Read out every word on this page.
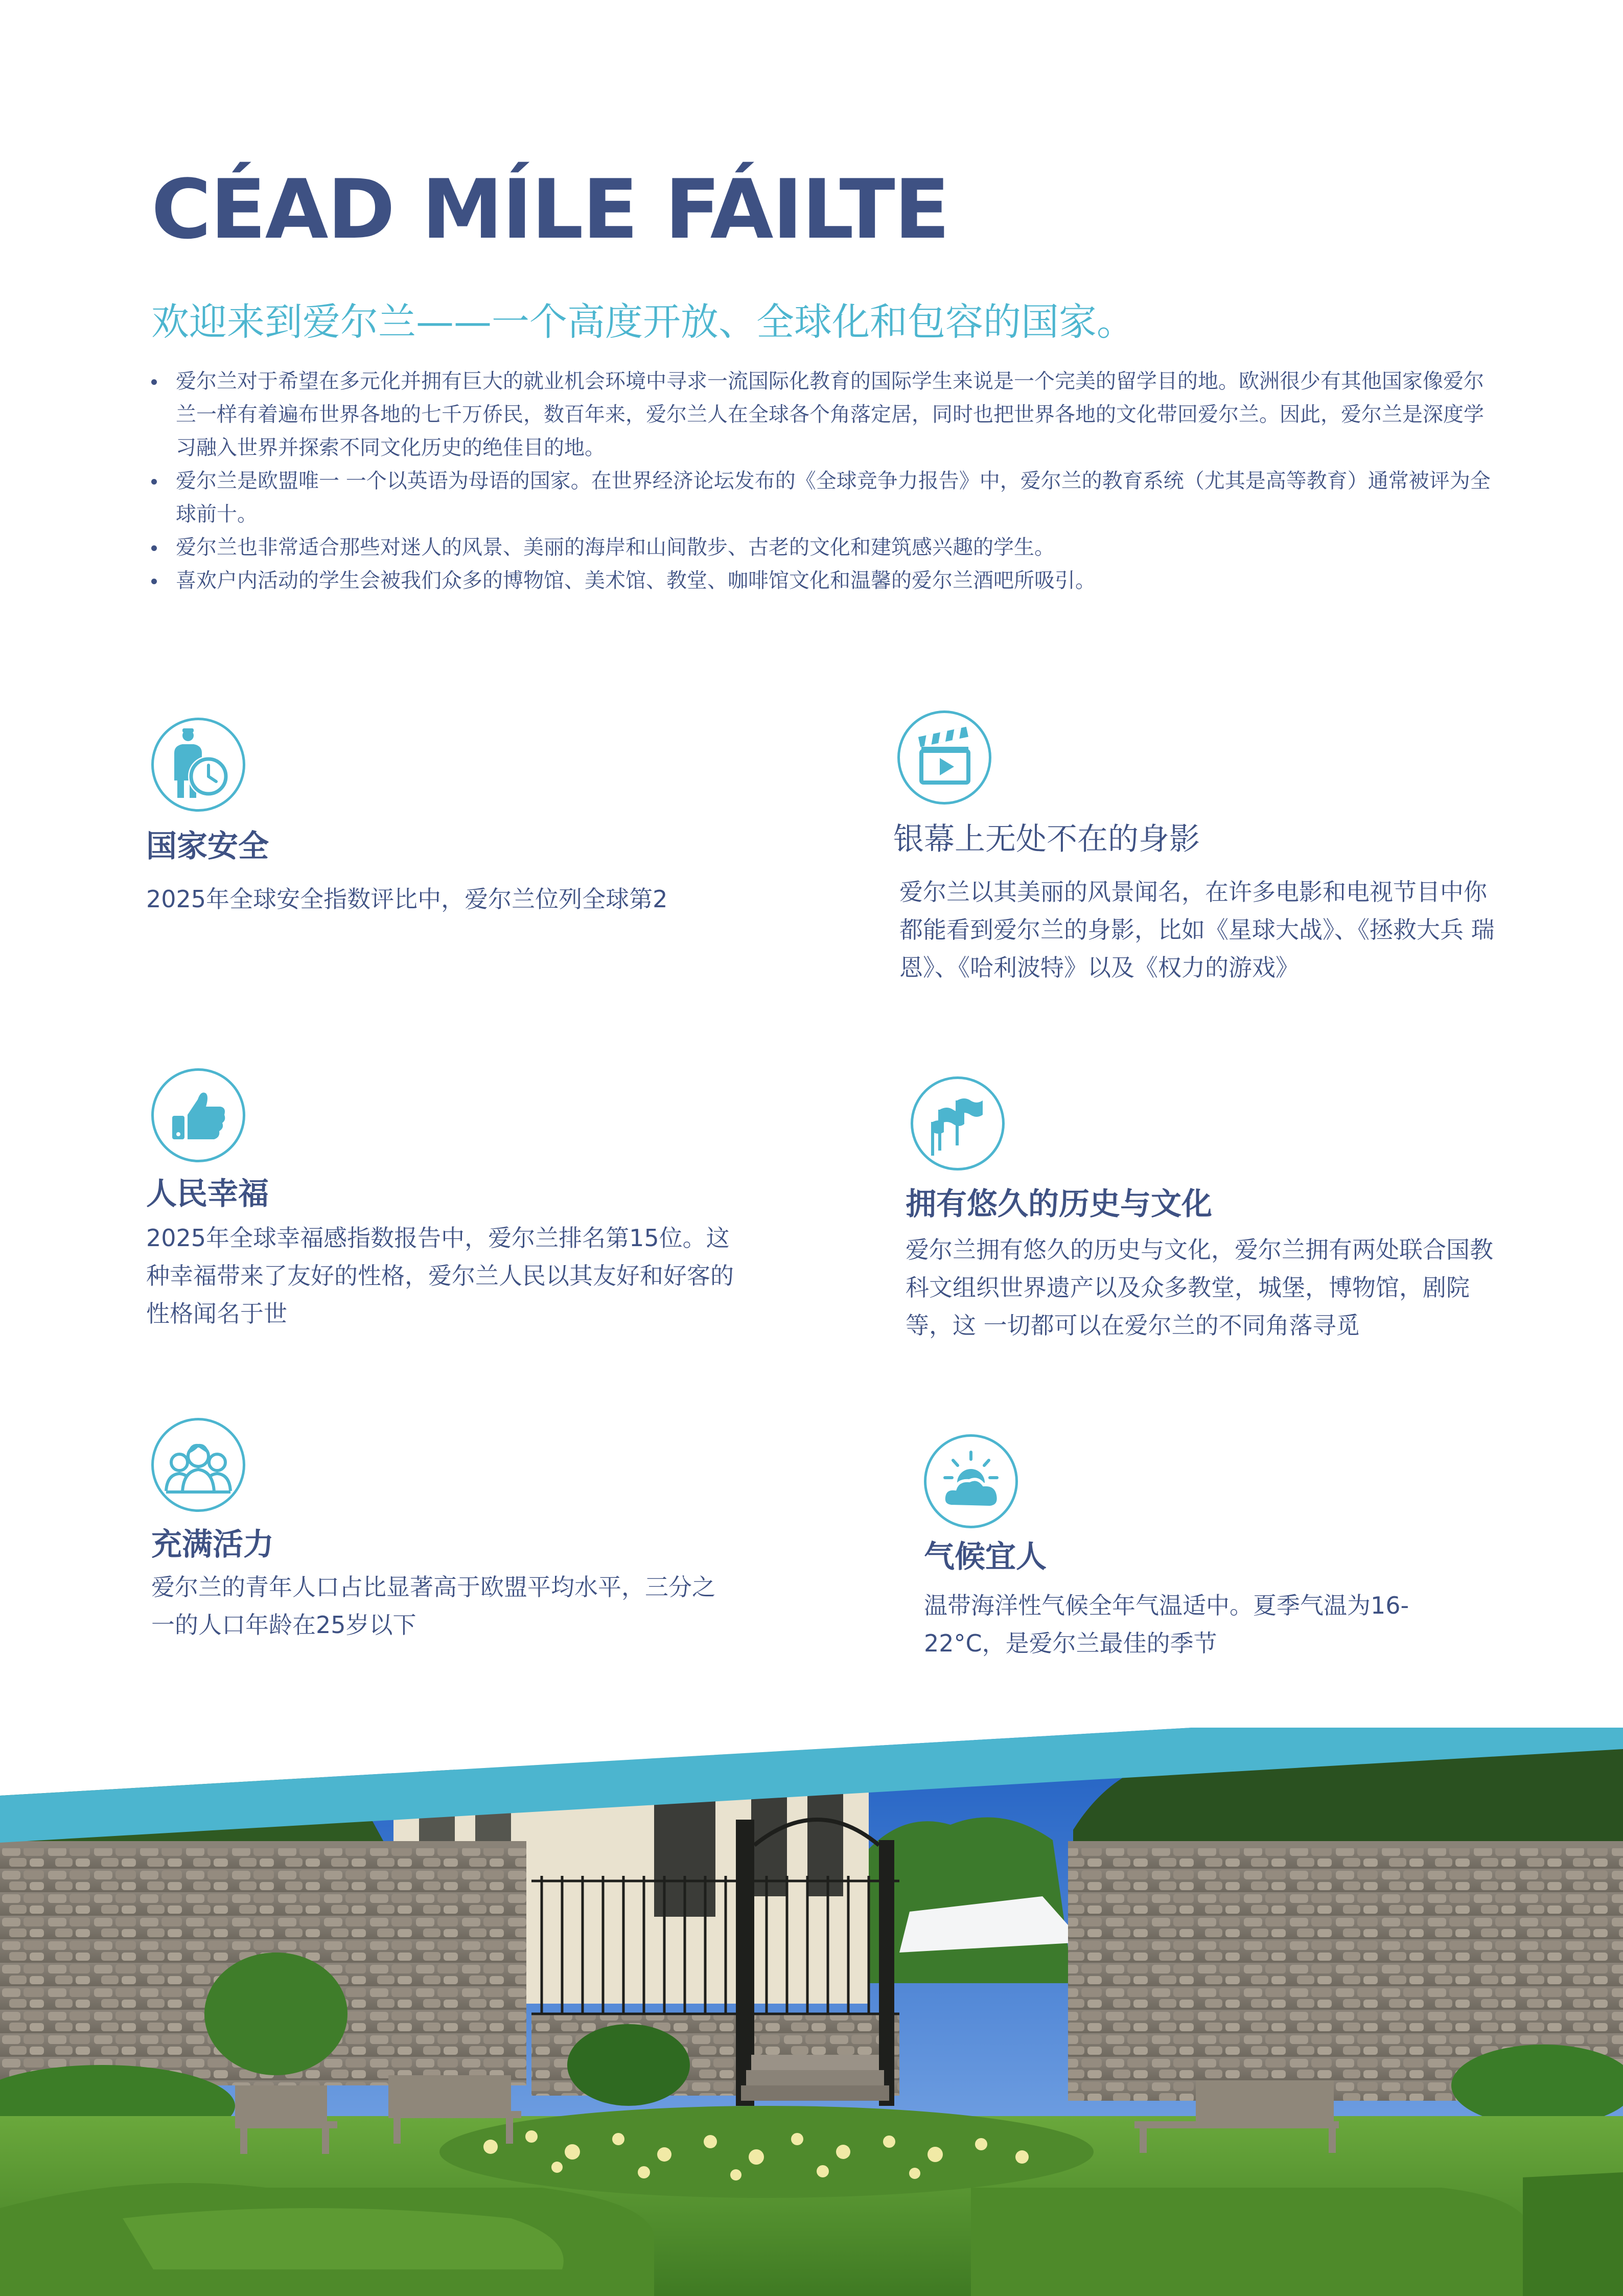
CÉAD MÍLE FÁILTE
欢迎来到爱尔兰——一个高度开放、全球化和包容的国家。
爱尔兰对于希望在多元化并拥有巨大的就业机会环境中寻求一流国际化教育的国际学生来说是一个完美的留学目的地。欧洲很少有其他国家像爱尔兰一样有着遍布世界各地的七千万侨民，数百年来，爱尔兰人在全球各个角落定居，同时也把世界各地的文化带回爱尔兰。因此，爱尔兰是深度学习融入世界并探索不同文化历史的绝佳目的地。
爱尔兰是欧盟唯一 一个以英语为母语的国家。在世界经济论坛发布的《全球竞争力报告》中，爱尔兰的教育系统（尤其是高等教育）通常被评为全球前十。
爱尔兰也非常适合那些对迷人的风景、美丽的海岸和山间散步、古老的文化和建筑感兴趣的学生。
喜欢户内活动的学生会被我们众多的博物馆、美术馆、教堂、咖啡馆文化和温馨的爱尔兰酒吧所吸引。
国家安全

2025年全球安全指数评比中，爱尔兰位列全球第2

银幕上无处不在的身影

爱尔兰以其美丽的风景闻名，在许多电影和电视节目中你都能看到爱尔兰的身影，比如《星球大战》、《拯救大兵 瑞恩》、《哈利波特》以及《权力的游戏》

人民幸福

2025年全球幸福感指数报告中，爱尔兰排名第15位。这种幸福带来了友好的性格，爱尔兰人民以其友好和好客的性格闻名于世

拥有悠久的历史与文化

爱尔兰拥有悠久的历史与文化，爱尔兰拥有两处联合国教科文组织世界遗产以及众多教堂，城堡，博物馆，剧院等，这 一切都可以在爱尔兰的不同角落寻觅

充满活力

爱尔兰的青年人口占比显著高于欧盟平均水平，三分之一的人口年龄在25岁以下

气候宜人

温带海洋性气候全年气温适中。夏季气温为16-22°C，是爱尔兰最佳的季节
